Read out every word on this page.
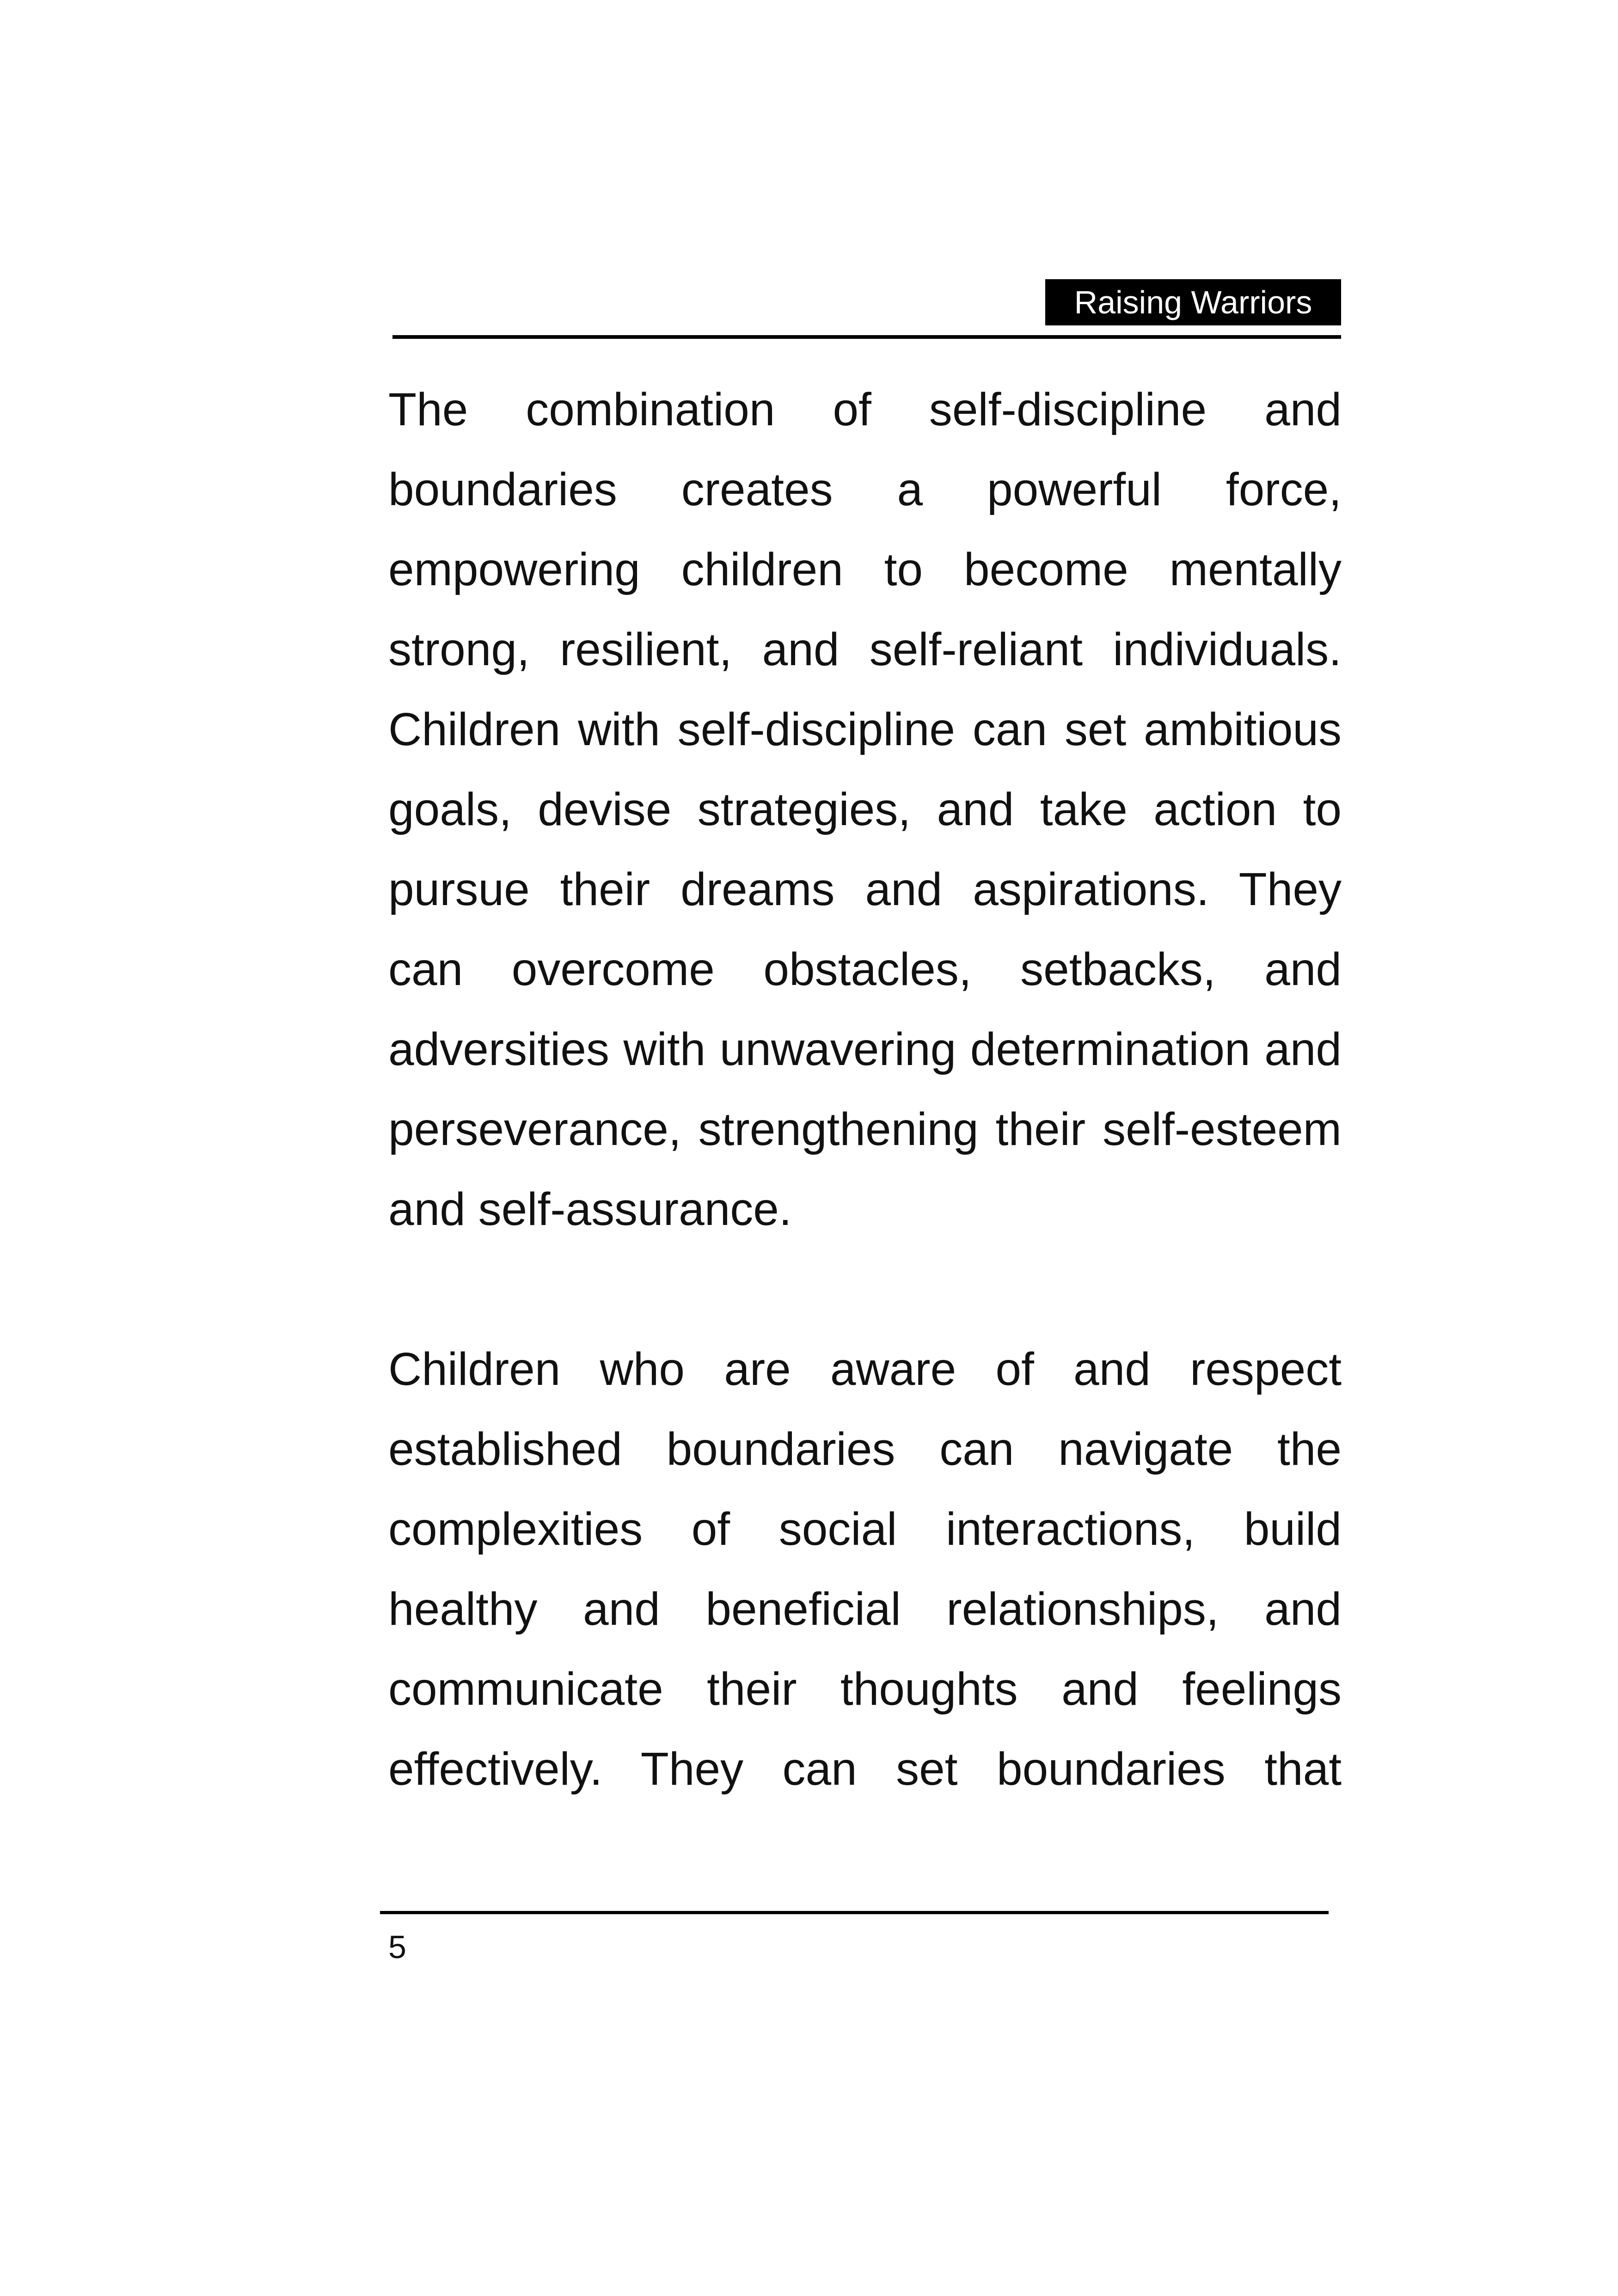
Raising Warriors
The combination of self-discipline and
boundaries creates a powerful force,
empowering children to become mentally
strong, resilient, and self-reliant individuals.
Children with self-discipline can set ambitious
goals, devise strategies, and take action to
pursue their dreams and aspirations. They
can overcome obstacles, setbacks, and
adversities with unwavering determination and
perseverance, strengthening their self-esteem
and self-assurance.
Children who are aware of and respect
established boundaries can navigate the
complexities of social interactions, build
healthy and beneficial relationships, and
communicate their thoughts and feelings
effectively. They can set boundaries that
5
